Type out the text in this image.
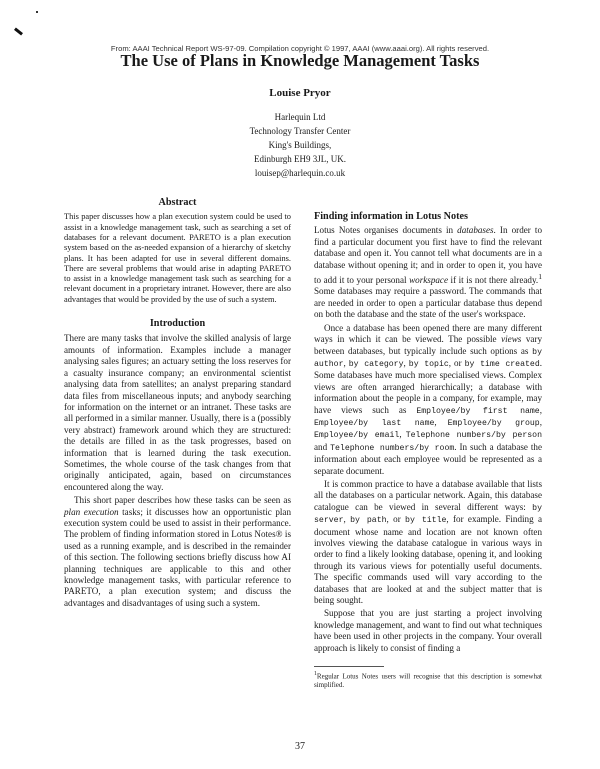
From: AAAI Technical Report WS-97-09. Compilation copyright © 1997, AAAI (www.aaai.org). All rights reserved.
The Use of Plans in Knowledge Management Tasks
Louise Pryor
Harlequin Ltd
Technology Transfer Center
King's Buildings,
Edinburgh EH9 3JL, UK.
louisep@harlequin.co.uk
Abstract

This paper discusses how a plan execution system could be used to assist in a knowledge management task, such as searching a set of databases for a relevant document. PARETO is a plan execution system based on the as-needed expansion of a hierarchy of sketchy plans. It has been adapted for use in several different domains. There are several problems that would arise in adapting PARETO to assist in a knowledge management task such as searching for a relevant document in a proprietary intranet. However, there are also advantages that would be provided by the use of such a system.

Introduction

There are many tasks that involve the skilled analysis of large amounts of information. Examples include a manager analysing sales figures; an actuary setting the loss reserves for a casualty insurance company; an environmental scientist analysing data from satellites; an analyst preparing standard data files from miscellaneous inputs; and anybody searching for information on the internet or an intranet. These tasks are all performed in a similar manner. Usually, there is a (possibly very abstract) framework around which they are structured: the details are filled in as the task progresses, based on information that is learned during the task execution. Sometimes, the whole course of the task changes from that originally anticipated, again, based on circumstances encountered along the way.

This short paper describes how these tasks can be seen as plan execution tasks; it discusses how an opportunistic plan execution system could be used to assist in their performance. The problem of finding information stored in Lotus Notes® is used as a running example, and is described in the remainder of this section. The following sections briefly discuss how AI planning techniques are applicable to this and other knowledge management tasks, with particular reference to PARETO, a plan execution system; and discuss the advantages and disadvantages of using such a system.

Finding information in Lotus Notes

Lotus Notes organises documents in databases. In order to find a particular document you first have to find the relevant database and open it. You cannot tell what documents are in a database without opening it; and in order to open it, you have to add it to your personal workspace if it is not there already.$^1$ Some databases may require a password. The commands that are needed in order to open a particular database thus depend on both the database and the state of the user's workspace.

Once a database has been opened there are many different ways in which it can be viewed. The possible views vary between databases, but typically include such options as by author, by category, by topic, or by time created. Some databases have much more specialised views. Complex views are often arranged hierarchically; a database with information about the people in a company, for example, may have views such as Employee/by first name, Employee/by last name, Employee/by group, Employee/by email, Telephone numbers/by person and Telephone numbers/by room. In such a database the information about each employee would be represented as a separate document.

It is common practice to have a database available that lists all the databases on a particular network. Again, this database catalogue can be viewed in several different ways: by server, by path, or by title, for example. Finding a document whose name and location are not known often involves viewing the database catalogue in various ways in order to find a likely looking database, opening it, and looking through its various views for potentially useful documents. The specific commands used will vary according to the databases that are looked at and the subject matter that is being sought.

Suppose that you are just starting a project involving knowledge management, and want to find out what techniques have been used in other projects in the company. Your overall approach is likely to consist of finding a

$^1$Regular Lotus Notes users will recognise that this description is somewhat simplified.
37
